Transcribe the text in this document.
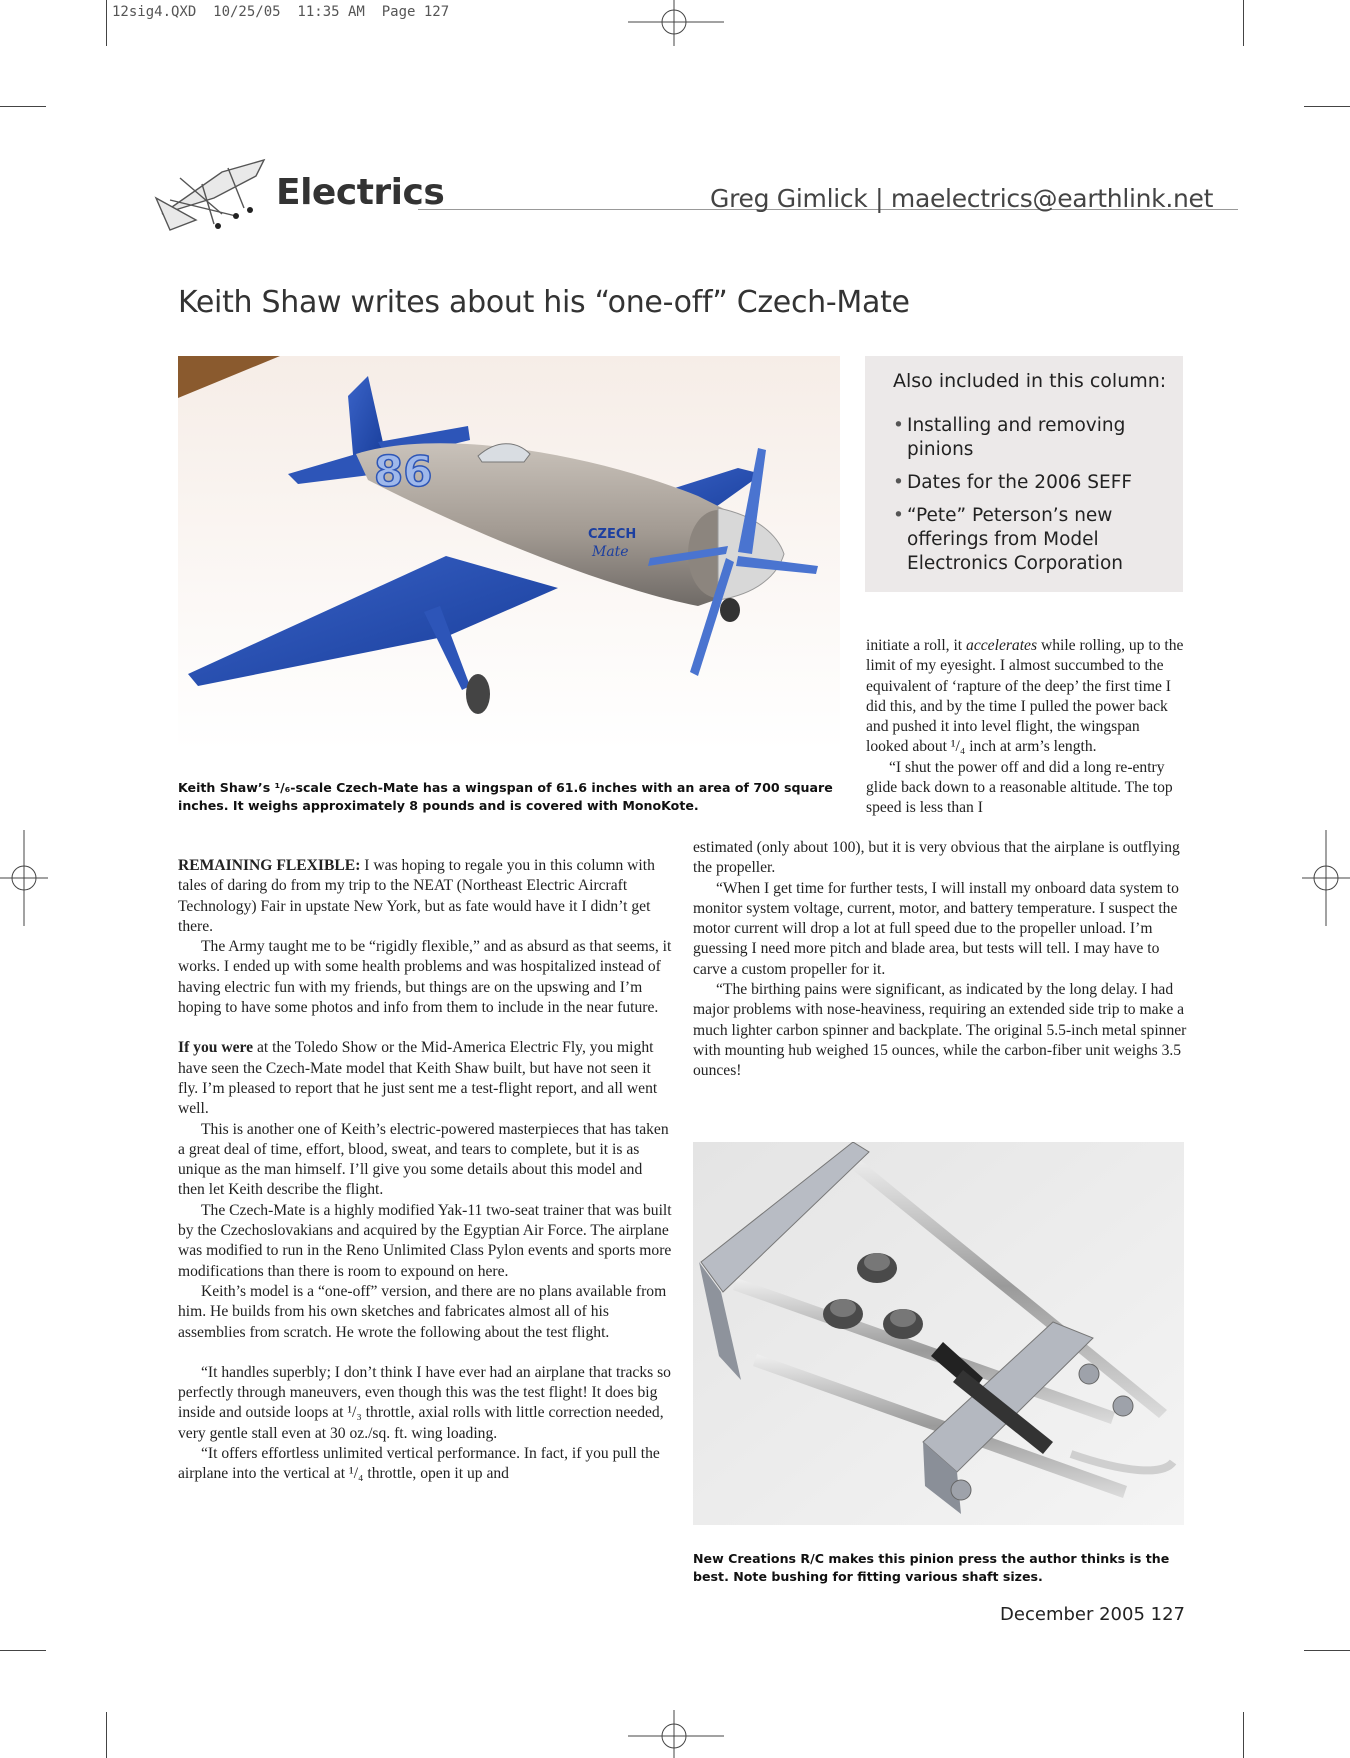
12sig4.QXD  10/25/05  11:35 AM  Page 127
Electrics	Greg Gimlick | maelectrics@earthlink.net
Keith Shaw writes about his “one-off” Czech-Mate
86
CZECH
Mate
Keith Shaw’s ¹/₆-scale Czech-Mate has a wingspan of 61.6 inches with an area of 700 square inches. It weighs approximately 8 pounds and is covered with MonoKote.
Also included in this column:
• Installing and removing pinions
• Dates for the 2006 SEFF
• “Pete” Peterson’s new offerings from Model Electronics Corporation

initiate a roll, it accelerates while rolling, up to the limit of my eyesight. I almost succumbed to the equivalent of ‘rapture of the deep’ the first time I did this, and by the time I pulled the power back and pushed it into level flight, the wingspan looked about ¹/₄ inch at arm’s length.

“I shut the power off and did a long re-entry glide back down to a reasonable altitude. The top speed is less than I

estimated (only about 100), but it is very obvious that the airplane is outflying the propeller.

“When I get time for further tests, I will install my onboard data system to monitor system voltage, current, motor, and battery temperature. I suspect the motor current will drop a lot at full speed due to the propeller unload. I’m guessing I need more pitch and blade area, but tests will tell. I may have to carve a custom propeller for it.

“The birthing pains were significant, as indicated by the long delay. I had major problems with nose-heaviness, requiring an extended side trip to make a much lighter carbon spinner and backplate. The original 5.5-inch metal spinner with mounting hub weighed 15 ounces, while the carbon-fiber unit weighs 3.5 ounces!

REMAINING FLEXIBLE: I was hoping to regale you in this column with tales of daring do from my trip to the NEAT (Northeast Electric Aircraft Technology) Fair in upstate New York, but as fate would have it I didn’t get there.

The Army taught me to be “rigidly flexible,” and as absurd as that seems, it works. I ended up with some health problems and was hospitalized instead of having electric fun with my friends, but things are on the upswing and I’m hoping to have some photos and info from them to include in the near future.

If you were at the Toledo Show or the Mid-America Electric Fly, you might have seen the Czech-Mate model that Keith Shaw built, but have not seen it fly. I’m pleased to report that he just sent me a test-flight report, and all went well.

This is another one of Keith’s electric-powered masterpieces that has taken a great deal of time, effort, blood, sweat, and tears to complete, but it is as unique as the man himself. I’ll give you some details about this model and then let Keith describe the flight.

The Czech-Mate is a highly modified Yak-11 two-seat trainer that was built by the Czechoslovakians and acquired by the Egyptian Air Force. The airplane was modified to run in the Reno Unlimited Class Pylon events and sports more modifications than there is room to expound on here.

Keith’s model is a “one-off” version, and there are no plans available from him. He builds from his own sketches and fabricates almost all of his assemblies from scratch. He wrote the following about the test flight.

“It handles superbly; I don’t think I have ever had an airplane that tracks so perfectly through maneuvers, even though this was the test flight! It does big inside and outside loops at ¹/₃ throttle, axial rolls with little correction needed, very gentle stall even at 30 oz./sq. ft. wing loading.

“It offers effortless unlimited vertical performance. In fact, if you pull the airplane into the vertical at ¹/₄ throttle, open it up and

New Creations R/C makes this pinion press the author thinks is the best. Note bushing for fitting various shaft sizes.
December 2005 127
